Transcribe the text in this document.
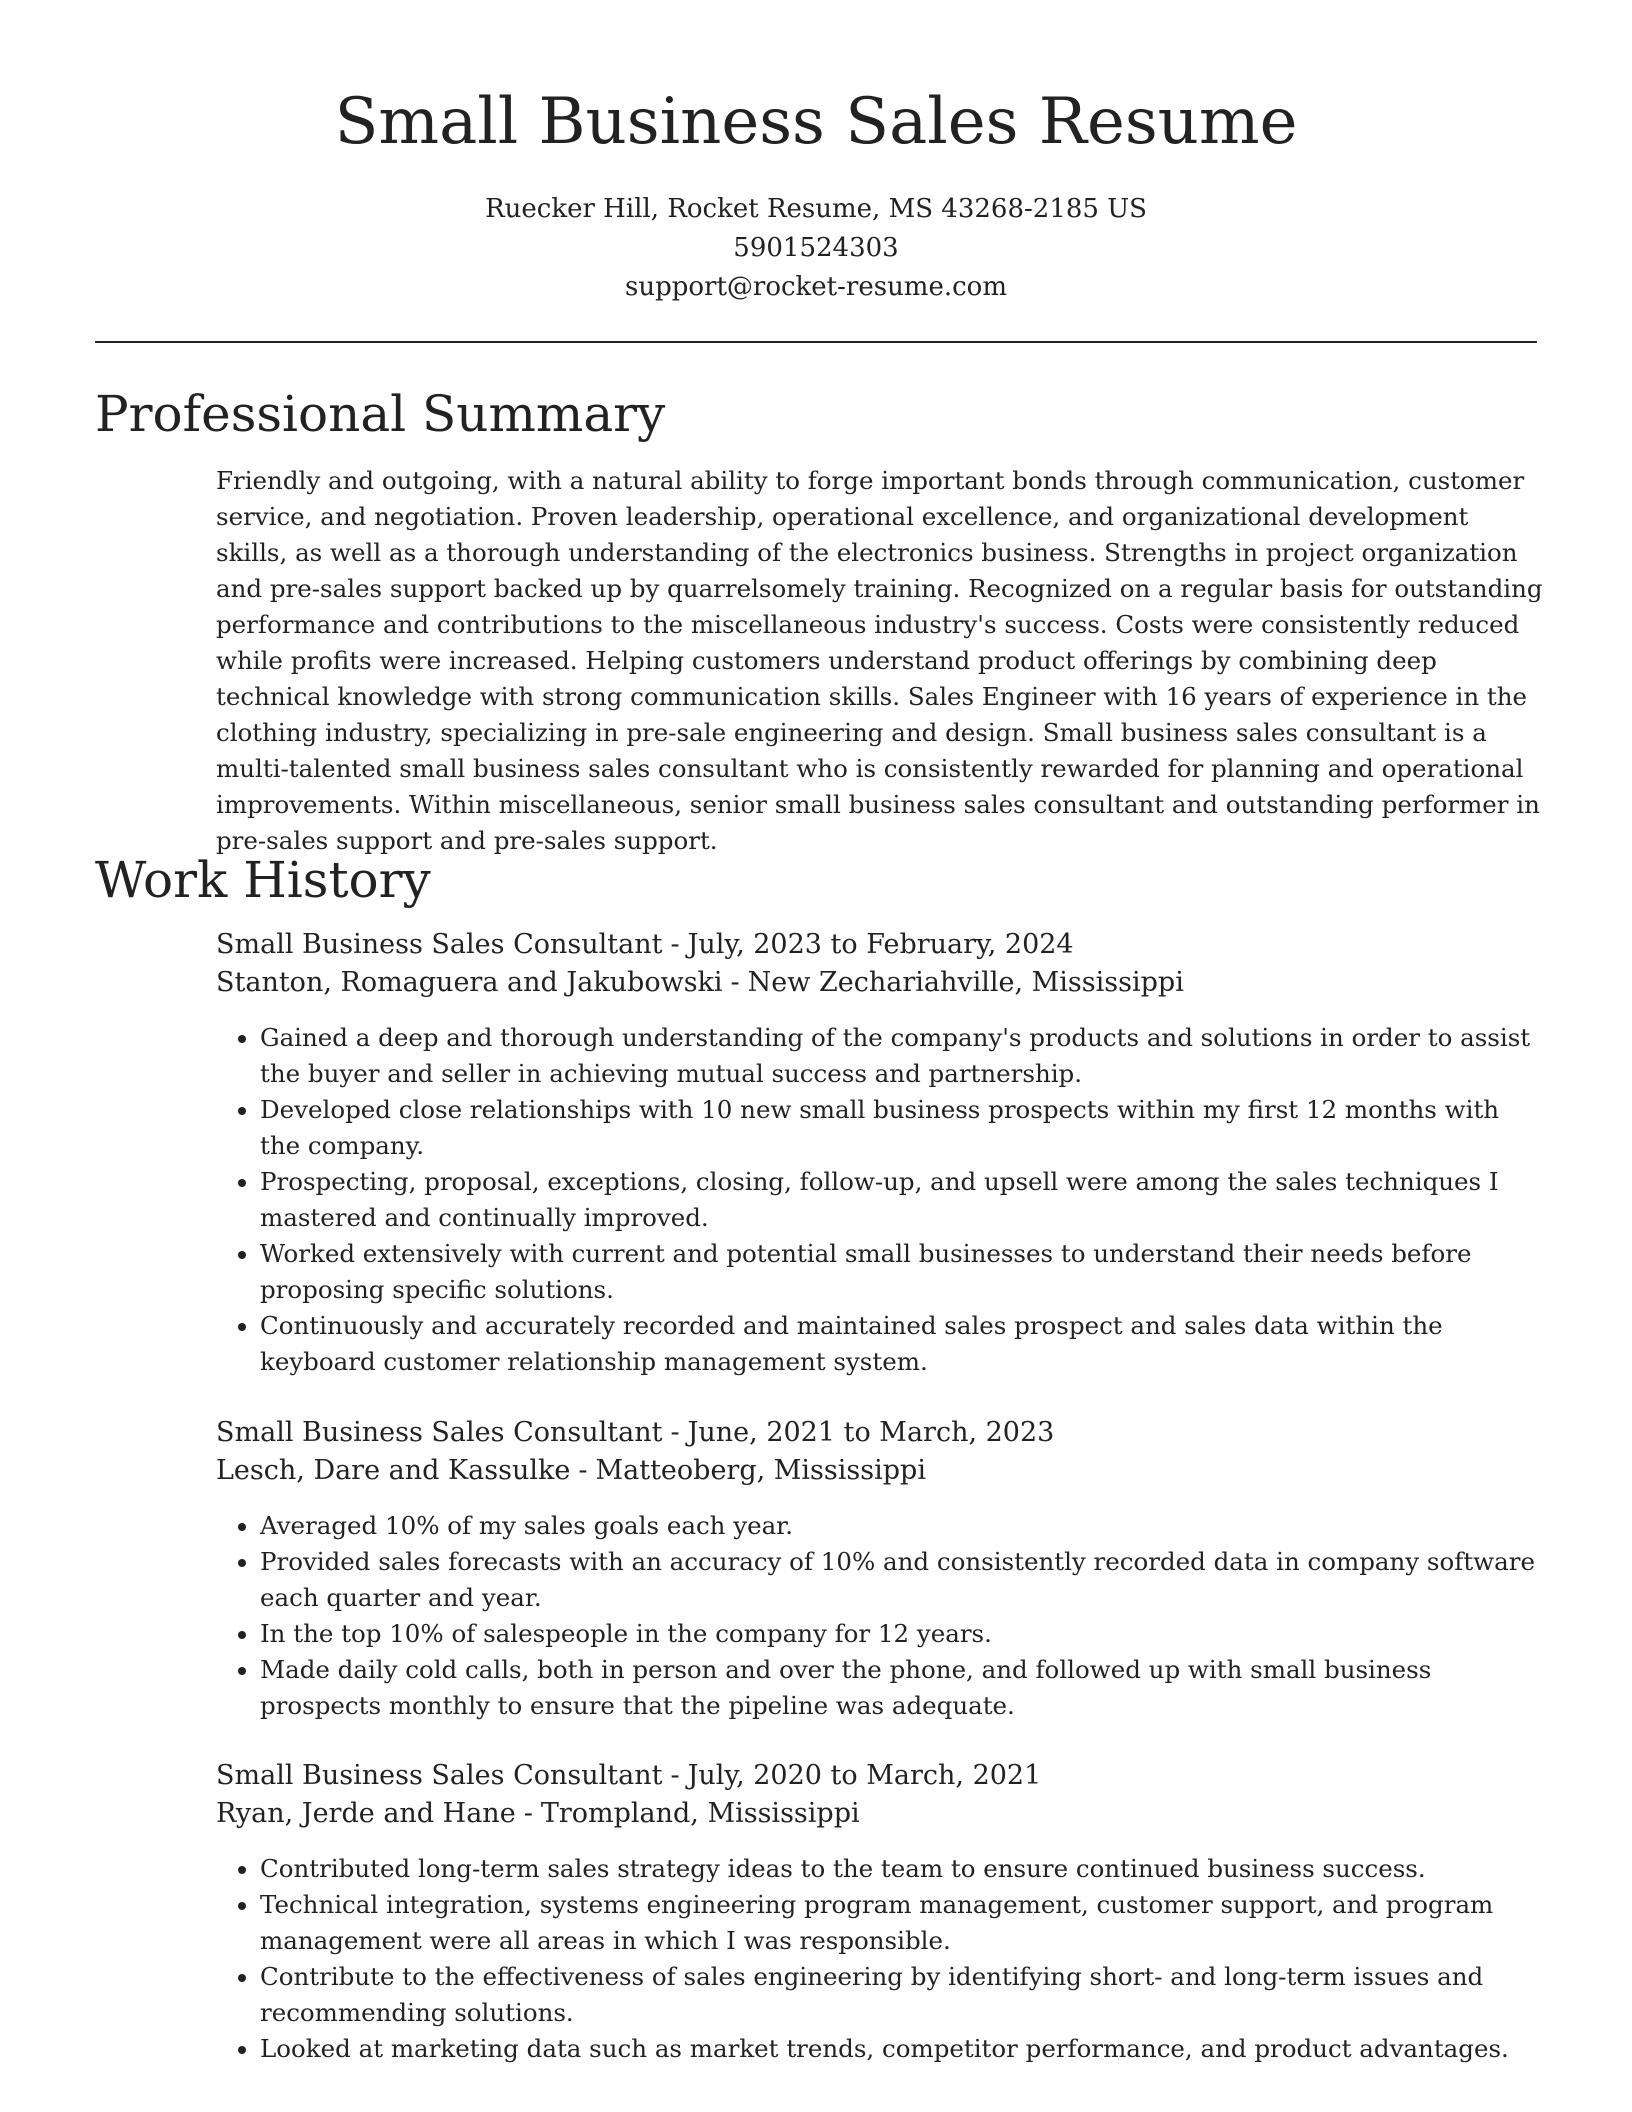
Small Business Sales Resume
Ruecker Hill, Rocket Resume, MS 43268-2185 US
5901524303
support@rocket-resume.com
Professional Summary

Friendly and outgoing, with a natural ability to forge important bonds through communication, customer service, and negotiation. Proven leadership, operational excellence, and organizational development skills, as well as a thorough understanding of the electronics business. Strengths in project organization and pre-sales support backed up by quarrelsomely training. Recognized on a regular basis for outstanding performance and contributions to the miscellaneous industry's success. Costs were consistently reduced while profits were increased. Helping customers understand product offerings by combining deep technical knowledge with strong communication skills. Sales Engineer with 16 years of experience in the clothing industry, specializing in pre-sale engineering and design. Small business sales consultant is a multi-talented small business sales consultant who is consistently rewarded for planning and operational improvements. Within miscellaneous, senior small business sales consultant and outstanding performer in pre-sales support and pre-sales support.

Work History
Small Business Sales Consultant - July, 2023 to February, 2024
Stanton, Romaguera and Jakubowski - New Zechariahville, Mississippi
• Gained a deep and thorough understanding of the company's products and solutions in order to assist the buyer and seller in achieving mutual success and partnership.
• Developed close relationships with 10 new small business prospects within my first 12 months with the company.
• Prospecting, proposal, exceptions, closing, follow-up, and upsell were among the sales techniques I mastered and continually improved.
• Worked extensively with current and potential small businesses to understand their needs before proposing specific solutions.
• Continuously and accurately recorded and maintained sales prospect and sales data within the keyboard customer relationship management system.
Small Business Sales Consultant - June, 2021 to March, 2023
Lesch, Dare and Kassulke - Matteoberg, Mississippi
• Averaged 10% of my sales goals each year.
• Provided sales forecasts with an accuracy of 10% and consistently recorded data in company software each quarter and year.
• In the top 10% of salespeople in the company for 12 years.
• Made daily cold calls, both in person and over the phone, and followed up with small business prospects monthly to ensure that the pipeline was adequate.
Small Business Sales Consultant - July, 2020 to March, 2021
Ryan, Jerde and Hane - Trompland, Mississippi
• Contributed long-term sales strategy ideas to the team to ensure continued business success.
• Technical integration, systems engineering program management, customer support, and program management were all areas in which I was responsible.
• Contribute to the effectiveness of sales engineering by identifying short- and long-term issues and recommending solutions.
• Looked at marketing data such as market trends, competitor performance, and product advantages.
